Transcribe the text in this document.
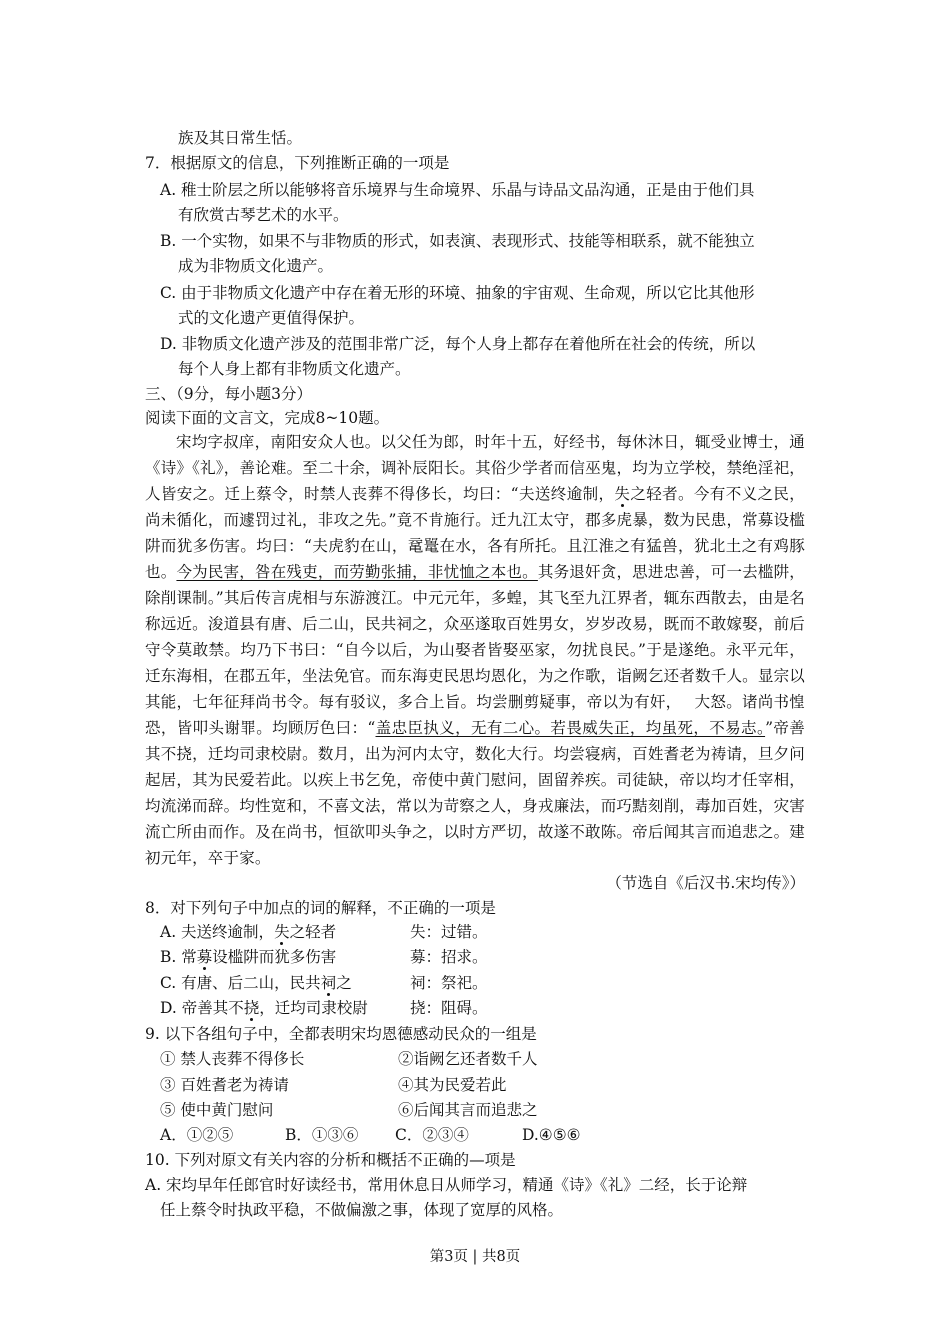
族及其日常生恬。
7．根据原文的信息，下列推断正确的一项是
A. 稚士阶层之所以能够将音乐境界与生命境界、乐晶与诗品文品沟通，正是由于他们具
有欣赏古琴艺术的水平。
B. 一个实物，如果不与非物质的形式，如表演、表现形式、技能等相联系，就不能独立
成为非物质文化遗产。
C. 由于非物质文化遗产中存在着无形的环境、抽象的宇宙观、生命观，所以它比其他形
式的文化遗产更值得保护。
D. 非物质文化遗产涉及的范围非常广泛，每个人身上都存在着他所在社会的传统，所以
每个人身上都有非物质文化遗产。
三、（9分，每小题3分）
阅读下面的文言文，完成8~10题。
宋均字叔庠，南阳安众人也。以父任为郎，时年十五，好经书，每休沐日，辄受业博士，通《诗》《礼》，善论难。至二十余，调补辰阳长。其俗少学者而信巫鬼，均为立学校，禁绝淫祀，人皆安之。迁上蔡令，时禁人丧葬不得侈长，均曰：“夫送终逾制，失之轻者。今有不义之民，尚未循化，而遽罚过礼，非攻之先。”竟不肯施行。迁九江太守，郡多虎暴，数为民患，常募设槛阱而犹多伤害。均曰：“夫虎豹在山，鼋鼍在水，各有所托。且江淮之有猛兽，犹北土之有鸡豚也。今为民害，咎在残吏，而劳勤张捕，非忧恤之本也。其务退奸贪，思进忠善，可一去槛阱，除削课制。”其后传言虎相与东游渡江。中元元年，多蝗，其飞至九江界者，辄东西散去，由是名称远近。浚道县有唐、后二山，民共祠之，众巫遂取百姓男女，岁岁改易，既而不敢嫁娶，前后守令莫敢禁。均乃下书曰：“自今以后，为山娶者皆娶巫家，勿扰良民。”于是遂绝。永平元年，迁东海相，在郡五年，坐法免官。而东海吏民思均恩化，为之作歌，诣阙乞还者数千人。显宗以其能，七年征拜尚书令。每有驳议，多合上旨。均尝删剪疑事，帝以为有奸，　 大怒。诸尚书惶恐，皆叩头谢罪。均顾厉色曰：“盖忠臣执义，无有二心。若畏威失正，均虽死，不易志。”帝善其不挠，迁均司隶校尉。数月，出为河内太守，数化大行。均尝寝病，百姓耆老为祷请，旦夕问起居，其为民爱若此。以疾上书乞免，帝使中黄门慰问，固留养疾。司徒缺，帝以均才任宰相，均流涕而辞。均性宽和，不喜文法，常以为苛察之人，身戎廉法，而巧黠刻削，毒加百姓，灾害流亡所由而作。及在尚书，恒欲叩头争之，以时方严切，故遂不敢陈。帝后闻其言而追悲之。建初元年，卒于家。
（节选自《后汉书.宋均传》）
8．对下列句子中加点的词的解释，不正确的一项是
A. 夫送终逾制，失之轻者	失：过错。
B. 常募设槛阱而犹多伤害	募：招求。
C. 有唐、后二山，民共祠之	祠：祭祀。
D. 帝善其不挠，迁均司隶校尉	挠：阻碍。
9. 以下各组句子中，全都表明宋均恩德感动民众的一组是
① 禁人丧葬不得侈长	②诣阙乞还者数千人
③ 百姓耆老为祷请	④其为民爱若此
⑤ 使中黄门慰问	⑥后闻其言而追悲之
A．①②⑤	B．①③⑥ C．②③④	D.④⑤⑥
10. 下列对原文有关内容的分析和概括不正确的—项是
A. 宋均早年任郎官时好读经书，常用休息日从师学习，精通《诗》《礼》二经，长于论辩
任上蔡令时执政平稳，不做偏激之事，体现了宽厚的风格。
第3页 | 共8页
